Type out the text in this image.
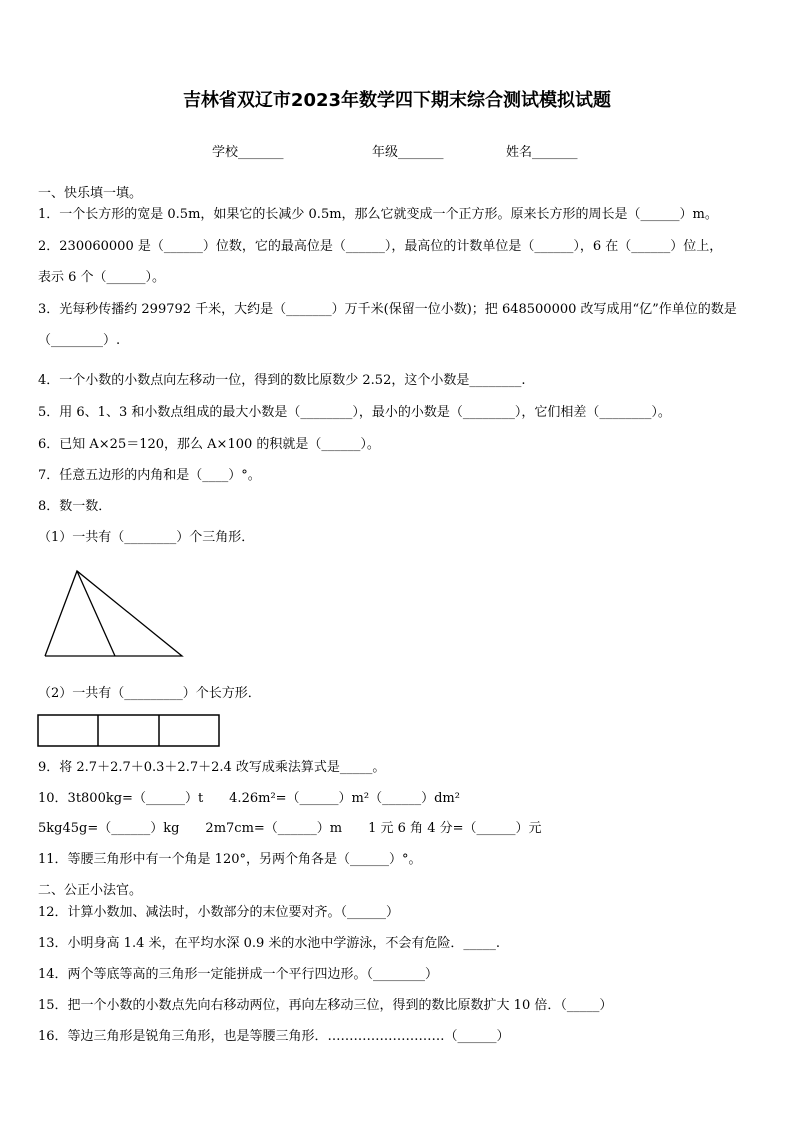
吉林省双辽市2023年数学四下期末综合测试模拟试题
学校_______	年级_______	姓名_______
一、快乐填一填。
1．一个长方形的宽是 0.5m，如果它的长减少 0.5m，那么它就变成一个正方形。原来长方形的周长是（______）m。
2．230060000 是（______）位数，它的最高位是（______），最高位的计数单位是（______），6 在（______）位上，
表示 6 个（______）。
3．光每秒传播约 299792 千米，大约是（_______）万千米(保留一位小数)；把 648500000 改写成用“亿”作单位的数是
（________）.
4．一个小数的小数点向左移动一位，得到的数比原数少 2.52，这个小数是________.
5．用 6、1、3 和小数点组成的最大小数是（________），最小的小数是（________），它们相差（________）。
6．已知 A×25＝120，那么 A×100 的积就是（______）。
7．任意五边形的内角和是（____）°。
8．数一数．
（1）一共有（________）个三角形．
（2）一共有（_________）个长方形．
9．将 2.7＋2.7＋0.3＋2.7＋2.4 改写成乘法算式是_____。
10．3t800kg=（______）t　　4.26m²=（______）m²（______）dm²
5kg45g=（______）kg　　2m7cm=（______）m　　1 元 6 角 4 分=（______）元
11．等腰三角形中有一个角是 120°，另两个角各是（______）°。
二、公正小法官。
12．计算小数加、减法时，小数部分的末位要对齐。（______）
13．小明身高 1.4 米，在平均水深 0.9 米的水池中学游泳，不会有危险．_____.
14．两个等底等高的三角形一定能拼成一个平行四边形。（________）
15．把一个小数的小数点先向右移动两位，再向左移动三位，得到的数比原数扩大 10 倍．（_____）
16．等边三角形是锐角三角形，也是等腰三角形．………………………（______）
